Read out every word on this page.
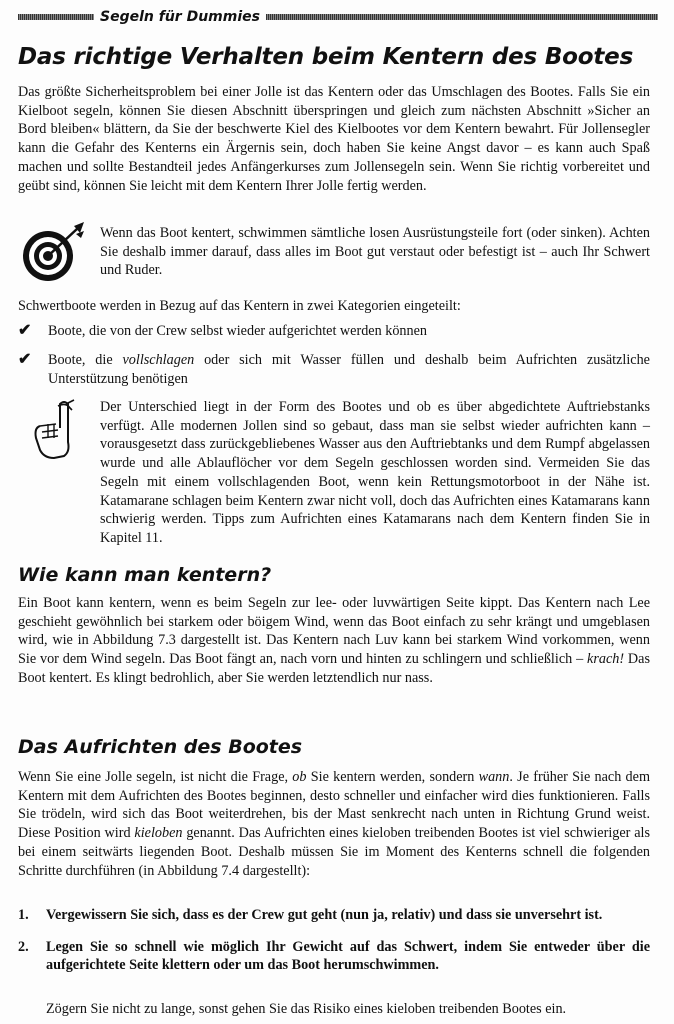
Segeln für Dummies
Das richtige Verhalten beim Kentern des Bootes

Das größte Sicherheitsproblem bei einer Jolle ist das Kentern oder das Umschlagen des Bootes. Falls Sie ein Kielboot segeln, können Sie diesen Abschnitt überspringen und gleich zum nächsten Abschnitt »Sicher an Bord bleiben« blättern, da Sie der beschwerte Kiel des Kielbootes vor dem Kentern bewahrt. Für Jollensegler kann die Gefahr des Kenterns ein Ärgernis sein, doch haben Sie keine Angst davor – es kann auch Spaß machen und sollte Bestandteil jedes Anfängerkurses zum Jollensegeln sein. Wenn Sie richtig vorbereitet und geübt sind, können Sie leicht mit dem Kentern Ihrer Jolle fertig werden.

Wenn das Boot kentert, schwimmen sämtliche losen Ausrüstungsteile fort (oder sinken). Achten Sie deshalb immer darauf, dass alles im Boot gut verstaut oder befestigt ist – auch Ihr Schwert und Ruder.

Schwertboote werden in Bezug auf das Kentern in zwei Kategorien eingeteilt:

✔ Boote, die von der Crew selbst wieder aufgerichtet werden können

✔ Boote, die vollschlagen oder sich mit Wasser füllen und deshalb beim Aufrichten zusätzliche Unterstützung benötigen

Der Unterschied liegt in der Form des Bootes und ob es über abgedichtete Auftriebstanks verfügt. Alle modernen Jollen sind so gebaut, dass man sie selbst wieder aufrichten kann – vorausgesetzt dass zurückgebliebenes Wasser aus den Auftriebtanks und dem Rumpf abgelassen wurde und alle Ablauflöcher vor dem Segeln geschlossen worden sind. Vermeiden Sie das Segeln mit einem vollschlagenden Boot, wenn kein Rettungsmotorboot in der Nähe ist. Katamarane schlagen beim Kentern zwar nicht voll, doch das Aufrichten eines Katamarans kann schwierig werden. Tipps zum Aufrichten eines Katamarans nach dem Kentern finden Sie in Kapitel 11.

Wie kann man kentern?

Ein Boot kann kentern, wenn es beim Segeln zur lee- oder luvwärtigen Seite kippt. Das Kentern nach Lee geschieht gewöhnlich bei starkem oder böigem Wind, wenn das Boot einfach zu sehr krängt und umgeblasen wird, wie in Abbildung 7.3 dargestellt ist. Das Kentern nach Luv kann bei starkem Wind vorkommen, wenn Sie vor dem Wind segeln. Das Boot fängt an, nach vorn und hinten zu schlingern und schließlich – krach! Das Boot kentert. Es klingt bedrohlich, aber Sie werden letztendlich nur nass.

Das Aufrichten des Bootes

Wenn Sie eine Jolle segeln, ist nicht die Frage, ob Sie kentern werden, sondern wann. Je früher Sie nach dem Kentern mit dem Aufrichten des Bootes beginnen, desto schneller und einfacher wird dies funktionieren. Falls Sie trödeln, wird sich das Boot weiterdrehen, bis der Mast senkrecht nach unten in Richtung Grund weist. Diese Position wird kieloben genannt. Das Aufrichten eines kieloben treibenden Bootes ist viel schwieriger als bei einem seitwärts liegenden Boot. Deshalb müssen Sie im Moment des Kenterns schnell die folgenden Schritte durchführen (in Abbildung 7.4 dargestellt):

1. Vergewissern Sie sich, dass es der Crew gut geht (nun ja, relativ) und dass sie unversehrt ist.
2. Legen Sie so schnell wie möglich Ihr Gewicht auf das Schwert, indem Sie entweder über die aufgerichtete Seite klettern oder um das Boot herumschwimmen.

Zögern Sie nicht zu lange, sonst gehen Sie das Risiko eines kieloben treibenden Bootes ein.
